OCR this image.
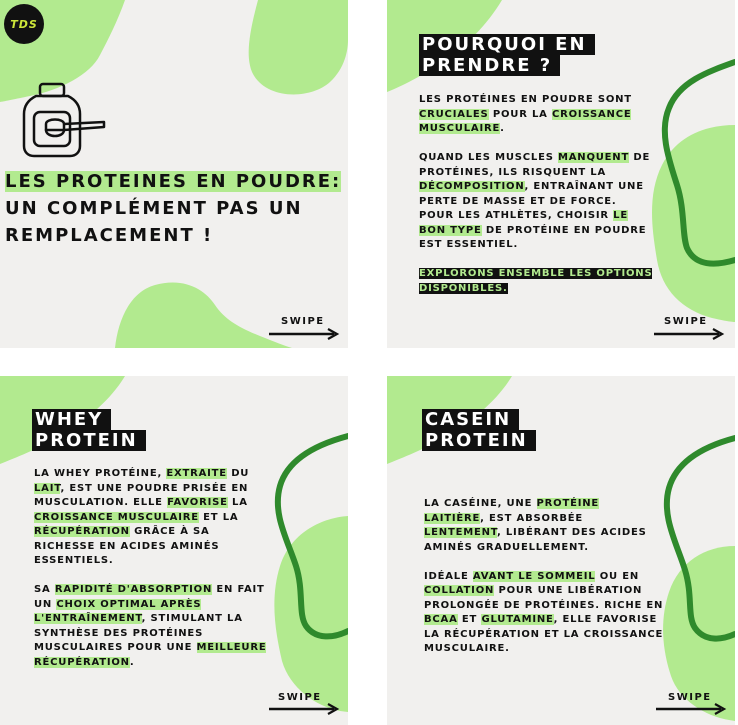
TDS
LES PROTEINES EN POUDRE:
UN COMPLÉMENT PAS UN
REMPLACEMENT !
SWIPE
POURQUOI EN
PRENDRE ?

LES PROTÉINES EN POUDRE SONT CRUCIALES POUR LA CROISSANCE MUSCULAIRE.

QUAND LES MUSCLES MANQUENT DE PROTÉINES, ILS RISQUENT LA DÉCOMPOSITION, ENTRAÎNANT UNE PERTE DE MASSE ET DE FORCE. POUR LES ATHLÈTES, CHOISIR LE BON TYPE DE PROTÉINE EN POUDRE EST ESSENTIEL.

EXPLORONS ENSEMBLE LES OPTIONS DISPONIBLES.

SWIPE
WHEY
PROTEIN

LA WHEY PROTÉINE, EXTRAITE DU LAIT, EST UNE POUDRE PRISÉE EN MUSCULATION. ELLE FAVORISE LA CROISSANCE MUSCULAIRE ET LA RÉCUPÉRATION GRÂCE À SA RICHESSE EN ACIDES AMINÉS ESSENTIELS.

SA RAPIDITÉ D'ABSORPTION EN FAIT UN CHOIX OPTIMAL APRÈS L'ENTRAÎNEMENT, STIMULANT LA SYNTHÈSE DES PROTÉINES MUSCULAIRES POUR UNE MEILLEURE RÉCUPÉRATION.

SWIPE
CASEIN
PROTEIN

LA CASÉINE, UNE PROTÉINE LAITIÈRE, EST ABSORBÉE LENTEMENT, LIBÉRANT DES ACIDES AMINÉS GRADUELLEMENT.

IDÉALE AVANT LE SOMMEIL OU EN COLLATION POUR UNE LIBÉRATION PROLONGÉE DE PROTÉINES. RICHE EN BCAA ET GLUTAMINE, ELLE FAVORISE LA RÉCUPÉRATION ET LA CROISSANCE MUSCULAIRE.

SWIPE
